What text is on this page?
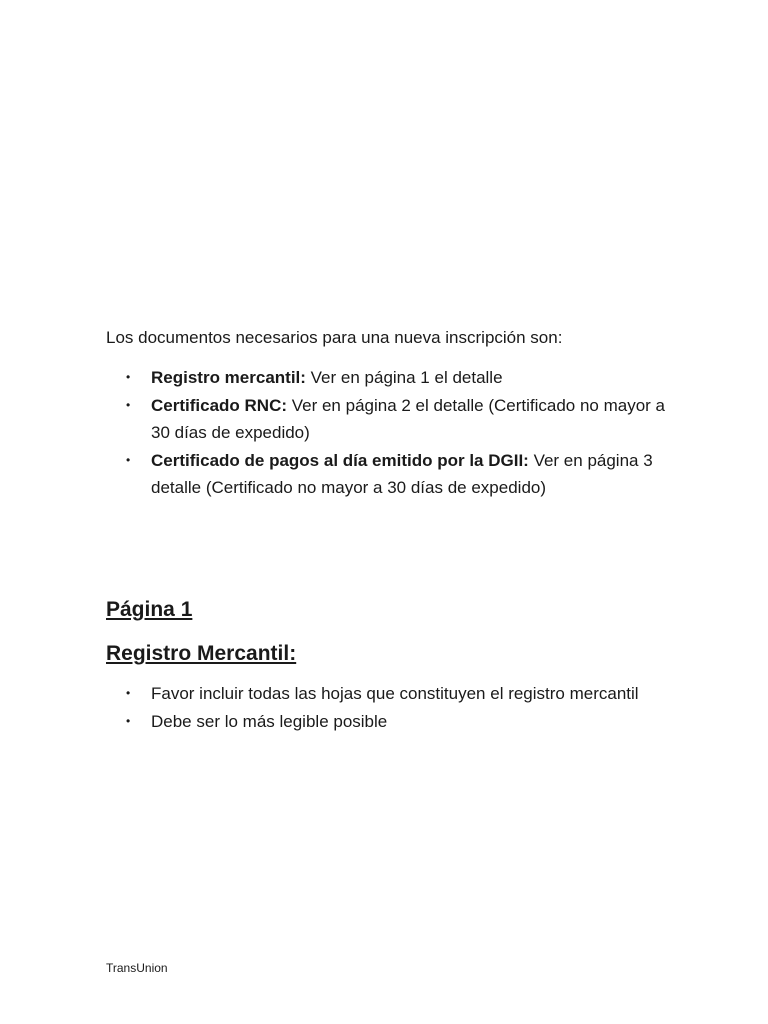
Los documentos necesarios para una nueva inscripción son:

• Registro mercantil: Ver en página 1 el detalle
• Certificado RNC: Ver en página 2 el detalle (Certificado no mayor a 30 días de expedido)
• Certificado de pagos al día emitido por la DGII: Ver en página 3 detalle (Certificado no mayor a 30 días de expedido)
Página 1
Registro Mercantil:
• Favor incluir todas las hojas que constituyen el registro mercantil
• Debe ser lo más legible posible

TransUnion
